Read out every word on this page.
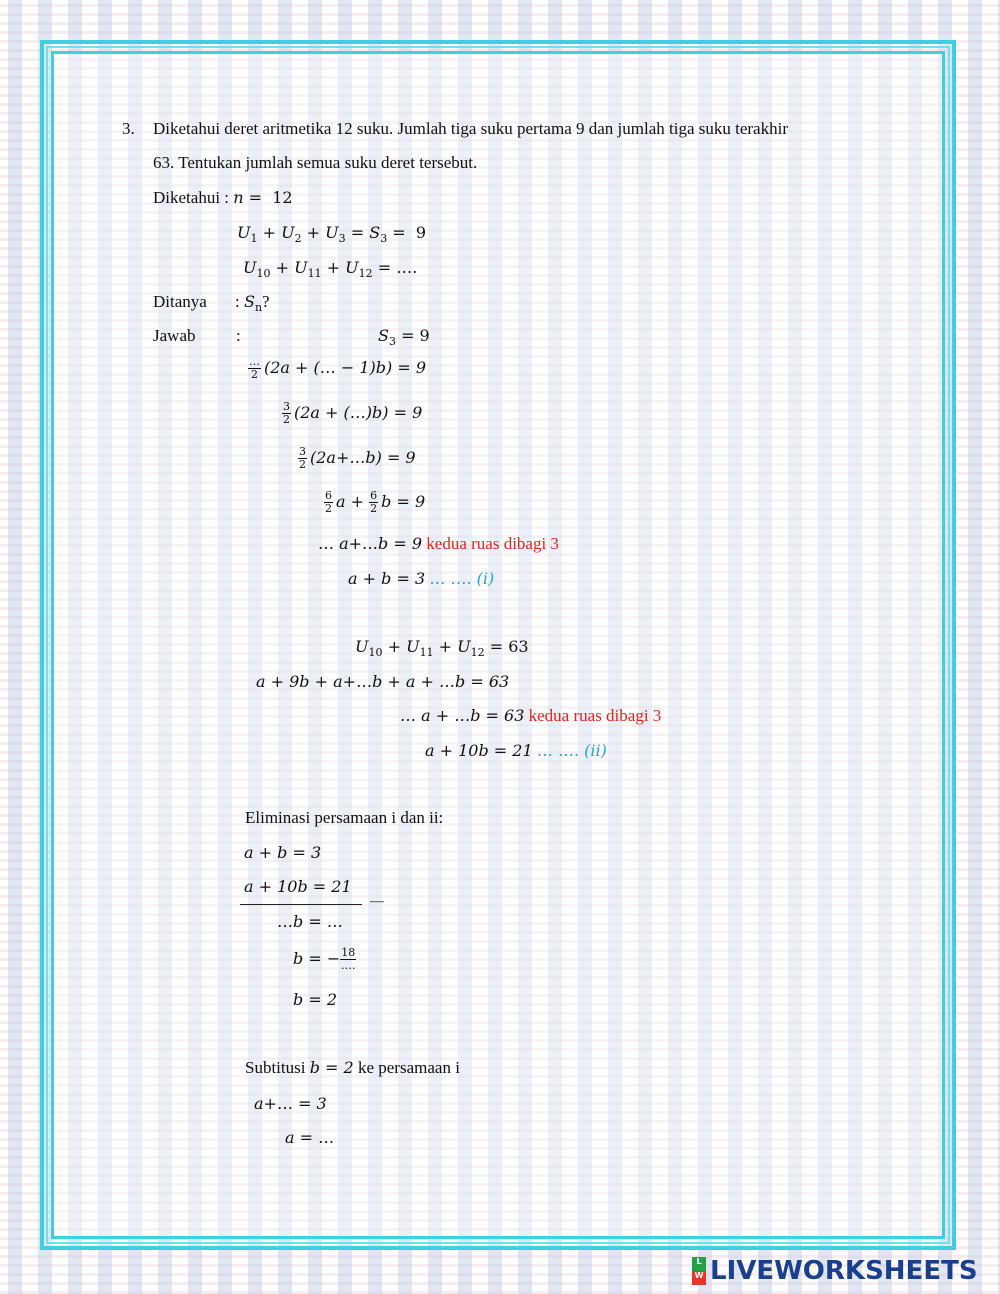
3. Diketahui deret aritmetika 12 suku. Jumlah tiga suku pertama 9 dan jumlah tiga suku terakhir
63. Tentukan jumlah semua suku deret tersebut.
Diketahui : n = 12
$U_1 + U_2 + U_3 = S_3 = 9$
$U_{10} + U_{11} + U_{12}$ = ….
Ditanya : $S_n$?
Jawab :	$S_3 = 9$
$\frac{\dots}{2} (2a$ + (… − 1)b) = 9
$\frac{3}{2} (2a$ + (…)b) = 9
$\frac{3}{2}$ (2a+…b) = 9
$\frac{6}{2}$ $a + \frac{6}{2}$ b = 9
… a+…b = 9 kedua ruas dibagi 3
a + b = 3 … …. (i)
$U_{10} + U_{11} + U_{12} = 63$
a + 9b + a+…b + a + …b = 63
… a + …b = 63 kedua ruas dibagi 3
a + 10b = 21 … …. (ii)
Eliminasi persamaan i dan ii:
a + b = 3
a + 10b = 21
—
…b = …
b = − $\frac{18}{\dots.}$
b = 2
Subtitusi b = 2 ke persamaan i
a+… = 3
a = …
L
W LIVEWORKSHEETS
